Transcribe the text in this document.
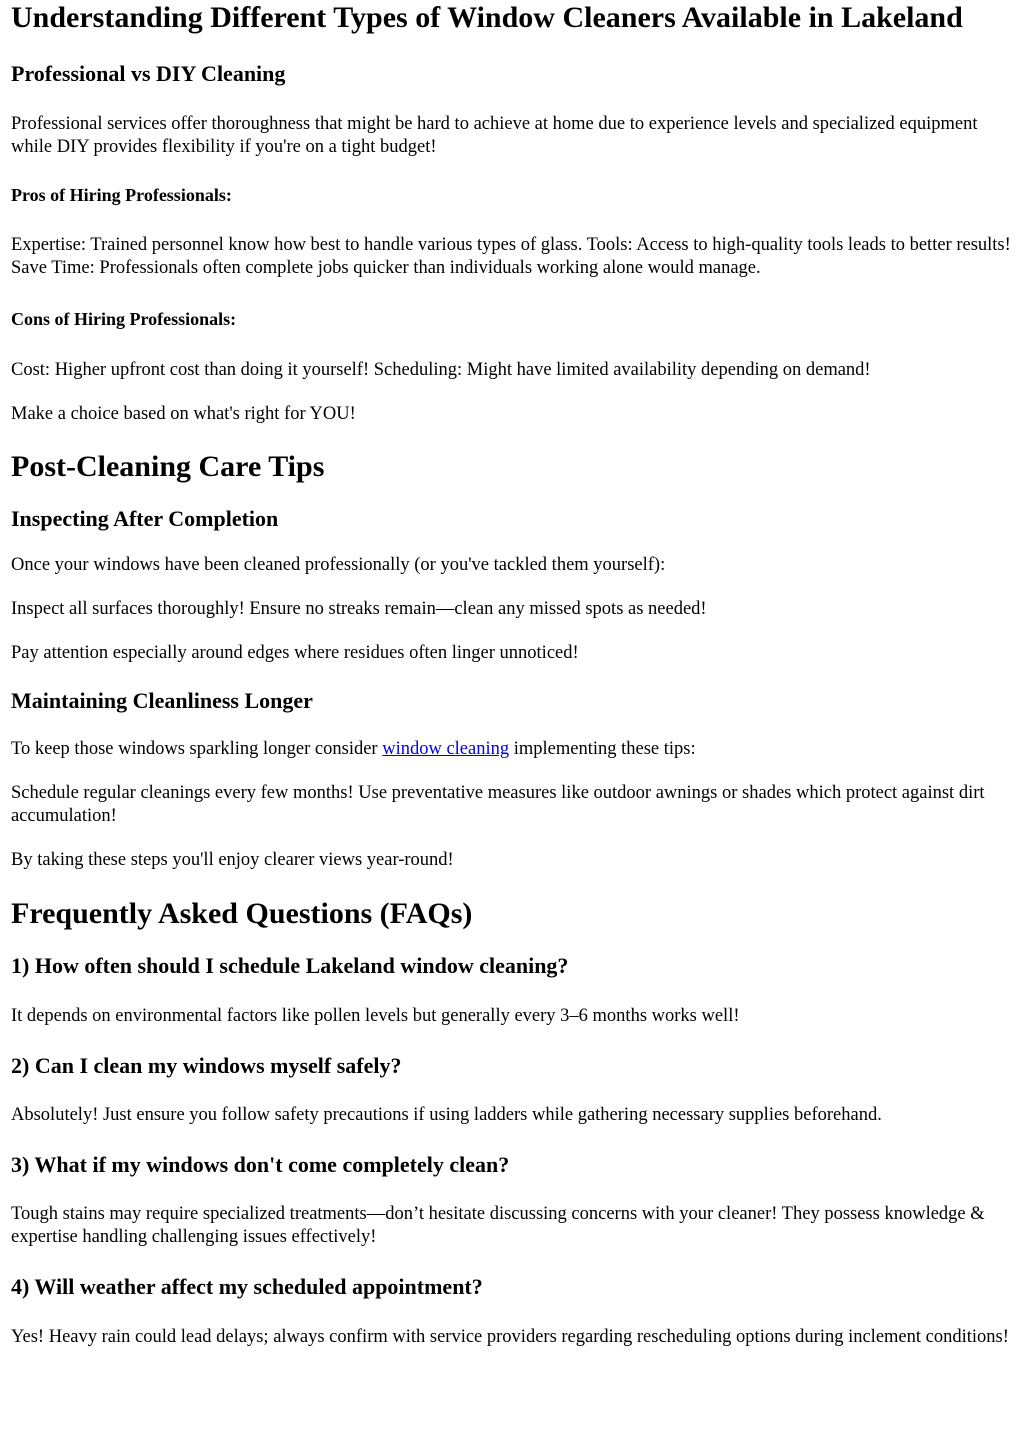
Understanding Different Types of Window Cleaners Available in Lakeland
Professional vs DIY Cleaning

Professional services offer thoroughness that might be hard to achieve at home due to experience levels and specialized equipment while DIY provides flexibility if you're on a tight budget!

Pros of Hiring Professionals:

Expertise: Trained personnel know how best to handle various types of glass. Tools: Access to high-quality tools leads to better results! Save Time: Professionals often complete jobs quicker than individuals working alone would manage.

Cons of Hiring Professionals:

Cost: Higher upfront cost than doing it yourself! Scheduling: Might have limited availability depending on demand!

Make a choice based on what's right for YOU!

Post-Cleaning Care Tips
Inspecting After Completion

Once your windows have been cleaned professionally (or you've tackled them yourself):

Inspect all surfaces thoroughly! Ensure no streaks remain—clean any missed spots as needed!

Pay attention especially around edges where residues often linger unnoticed!

Maintaining Cleanliness Longer

To keep those windows sparkling longer consider window cleaning implementing these tips:

Schedule regular cleanings every few months! Use preventative measures like outdoor awnings or shades which protect against dirt accumulation!

By taking these steps you'll enjoy clearer views year-round!

Frequently Asked Questions (FAQs)
1) How often should I schedule Lakeland window cleaning?

It depends on environmental factors like pollen levels but generally every 3–6 months works well!

2) Can I clean my windows myself safely?

Absolutely! Just ensure you follow safety precautions if using ladders while gathering necessary supplies beforehand.

3) What if my windows don't come completely clean?

Tough stains may require specialized treatments—don’t hesitate discussing concerns with your cleaner! They possess knowledge & expertise handling challenging issues effectively!

4) Will weather affect my scheduled appointment?

Yes! Heavy rain could lead delays; always confirm with service providers regarding rescheduling options during inclement conditions!
